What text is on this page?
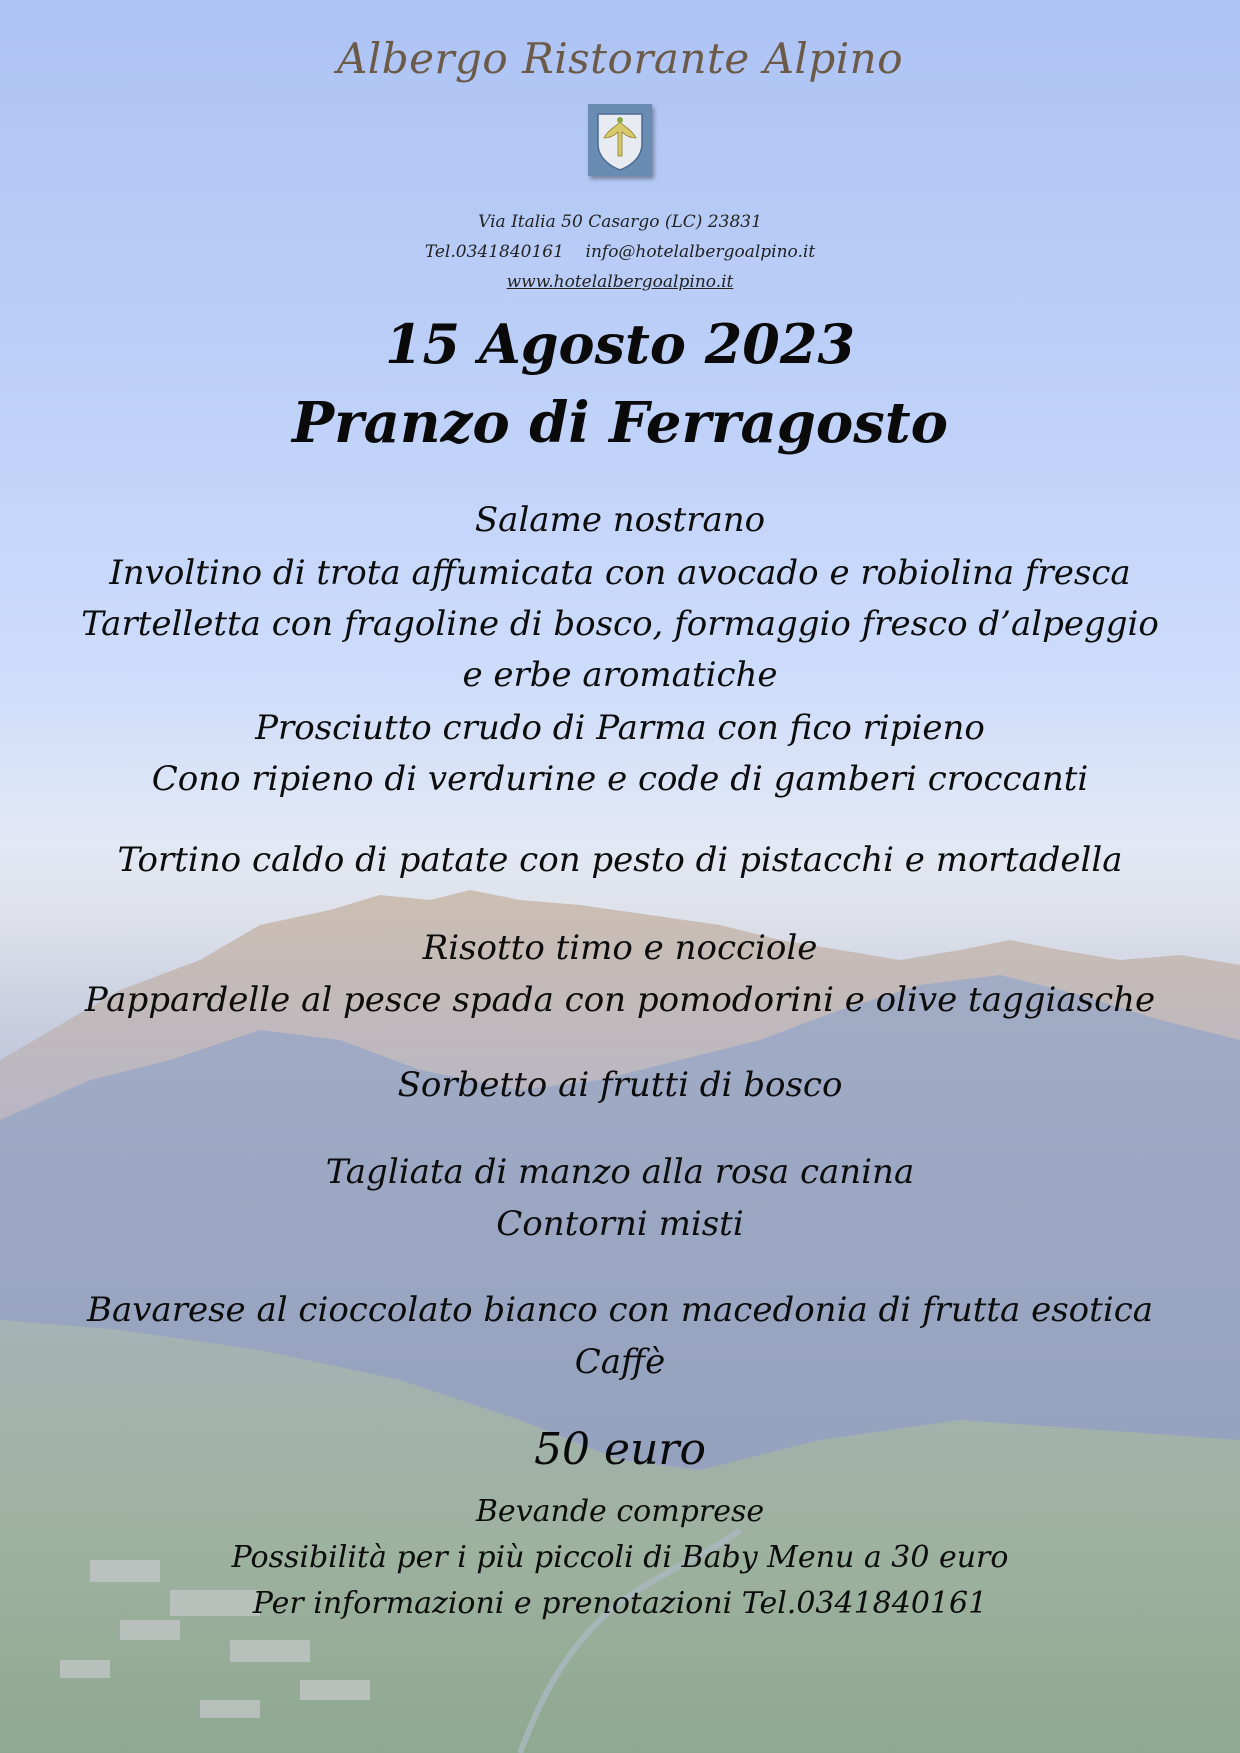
Albergo Ristorante Alpino
Via Italia 50 Casargo (LC) 23831
Tel.0341840161    info@hotelalbergoalpino.it
www.hotelalbergoalpino.it
15 Agosto 2023
Pranzo di Ferragosto
Salame nostrano
Involtino di trota affumicata con avocado e robiolina fresca
Tartelletta con fragoline di bosco, formaggio fresco d’alpeggio
e erbe aromatiche
Prosciutto crudo di Parma con fico ripieno
Cono ripieno di verdurine e code di gamberi croccanti
Tortino caldo di patate con pesto di pistacchi e mortadella
Risotto timo e nocciole
Pappardelle al pesce spada con pomodorini e olive taggiasche
Sorbetto ai frutti di bosco
Tagliata di manzo alla rosa canina
Contorni misti
Bavarese al cioccolato bianco con macedonia di frutta esotica
Caffè
50 euro
Bevande comprese
Possibilità per i più piccoli di Baby Menu a 30 euro
Per informazioni e prenotazioni Tel.0341840161
